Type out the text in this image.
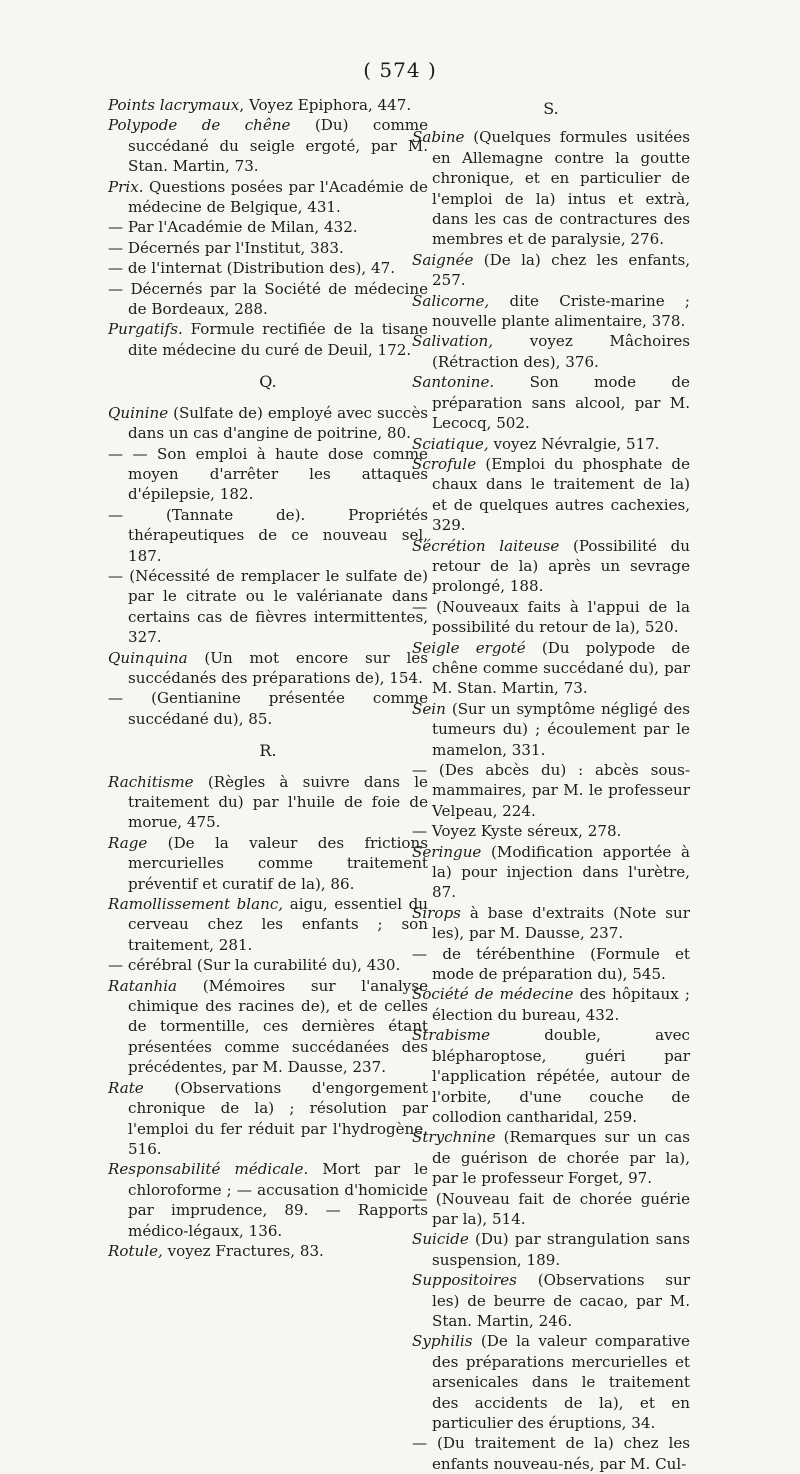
( 574 )

Points lacrymaux, Voyez Epiphora, 447.

Polypode de chêne (Du) comme succédané du seigle ergoté, par M. Stan. Martin, 73.

Prix. Questions posées par l'Académie de médecine de Belgique, 431.

— Par l'Académie de Milan, 432.

— Décernés par l'Institut, 383.

— de l'internat (Distribution des), 47.

— Décernés par la Société de médecine de Bordeaux, 288.

Purgatifs. Formule rectifiée de la tisane dite médecine du curé de Deuil, 172.

Q.

Quinine (Sulfate de) employé avec succès dans un cas d'angine de poitrine, 80.

— — Son emploi à haute dose comme moyen d'arrêter les attaques d'épilepsie, 182.

— (Tannate de). Propriétés thérapeutiques de ce nouveau sel, 187.

— (Nécessité de remplacer le sulfate de) par le citrate ou le valérianate dans certains cas de fièvres intermittentes, 327.

Quinquina (Un mot encore sur les succédanés des préparations de), 154.

— (Gentianine présentée comme succédané du), 85.

R.

Rachitisme (Règles à suivre dans le traitement du) par l'huile de foie de morue, 475.

Rage (De la valeur des frictions mercurielles comme traitement préventif et curatif de la), 86.

Ramollissement blanc, aigu, essentiel du cerveau chez les enfants ; son traitement, 281.

— cérébral (Sur la curabilité du), 430.

Ratanhia (Mémoires sur l'analyse chimique des racines de), et de celles de tormentille, ces dernières étant présentées comme succédanées des précédentes, par M. Dausse, 237.

Rate (Observations d'engorgement chronique de la) ; résolution par l'emploi du fer réduit par l'hydrogène, 516.

Responsabilité médicale. Mort par le chloroforme ; — accusation d'homicide par imprudence, 89. — Rapports médico-légaux, 136.

Rotule, voyez Fractures, 83.

S.

Sabine (Quelques formules usitées en Allemagne contre la goutte chronique, et en particulier de l'emploi de la) intus et extrà, dans les cas de contractures des membres et de paralysie, 276.

Saignée (De la) chez les enfants, 257.

Salicorne, dite Criste-marine ; nouvelle plante alimentaire, 378.

Salivation, voyez Mâchoires (Rétraction des), 376.

Santonine. Son mode de préparation sans alcool, par M. Lecocq, 502.

Sciatique, voyez Névralgie, 517.

Scrofule (Emploi du phosphate de chaux dans le traitement de la) et de quelques autres cachexies, 329.

Sécrétion laiteuse (Possibilité du retour de la) après un sevrage prolongé, 188.

— (Nouveaux faits à l'appui de la possibilité du retour de la), 520.

Seigle ergoté (Du polypode de chêne comme succédané du), par M. Stan. Martin, 73.

Sein (Sur un symptôme négligé des tumeurs du) ; écoulement par le mamelon, 331.

— (Des abcès du) : abcès sous-mammaires, par M. le professeur Velpeau, 224.

— Voyez Kyste séreux, 278.

Seringue (Modification apportée à la) pour injection dans l'urètre, 87.

Sirops à base d'extraits (Note sur les), par M. Dausse, 237.

— de térébenthine (Formule et mode de préparation du), 545.

Société de médecine des hôpitaux ; élection du bureau, 432.

Strabisme double, avec blépharoptose, guéri par l'application répétée, autour de l'orbite, d'une couche de collodion cantharidal, 259.

Strychnine (Remarques sur un cas de guérison de chorée par la), par le professeur Forget, 97.

— (Nouveau fait de chorée guérie par la), 514.

Suicide (Du) par strangulation sans suspension, 189.

Suppositoires (Observations sur les) de beurre de cacao, par M. Stan. Martin, 246.

Syphilis (De la valeur comparative des préparations mercurielles et arsenicales dans le traitement des accidents de la), et en particulier des éruptions, 34.

— (Du traitement de la) chez les enfants nouveau-nés, par M. Cul-
